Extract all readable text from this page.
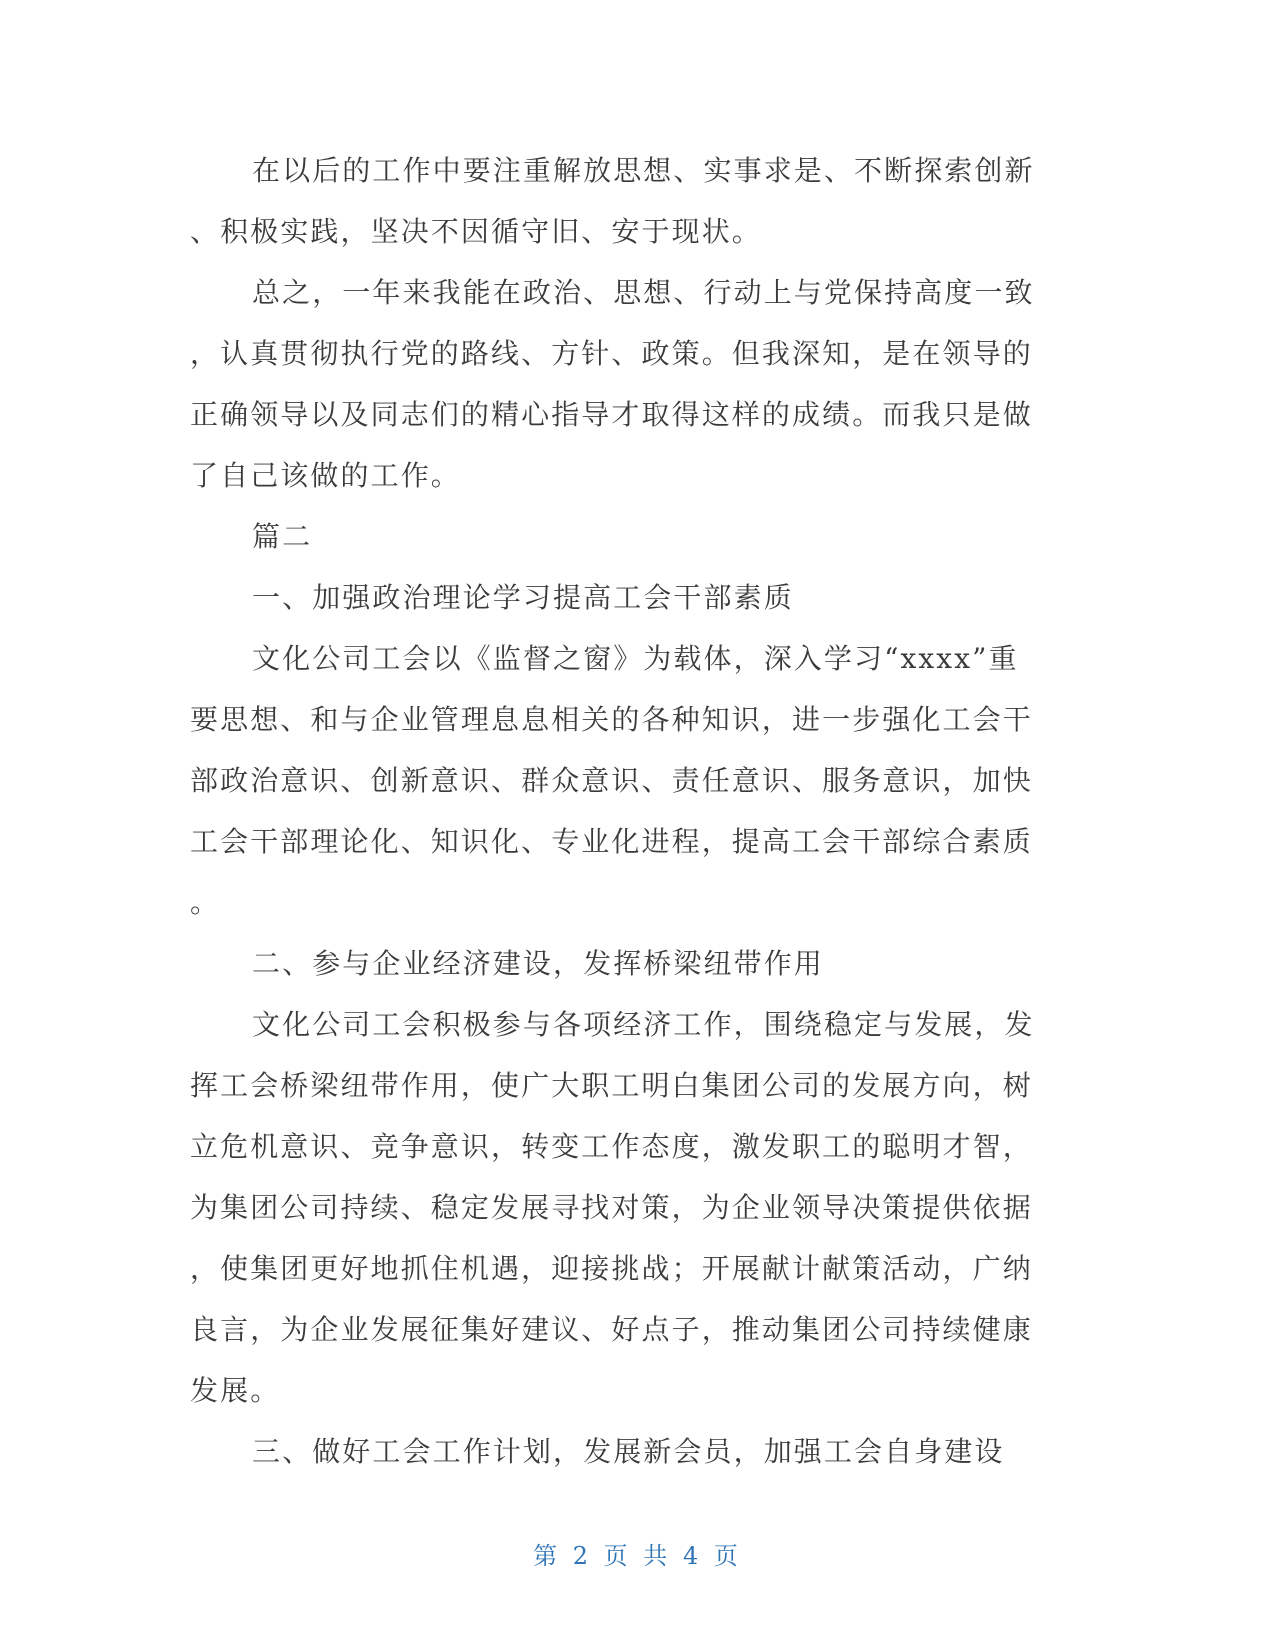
在以后的工作中要注重解放思想、实事求是、不断探索创新
、积极实践，坚决不因循守旧、安于现状。
总之，一年来我能在政治、思想、行动上与党保持高度一致
，认真贯彻执行党的路线、方针、政策。但我深知，是在领导的
正确领导以及同志们的精心指导才取得这样的成绩。而我只是做
了自己该做的工作。
篇二
一、加强政治理论学习提高工会干部素质
文化公司工会以《监督之窗》为载体，深入学习“xxxx”重
要思想、和与企业管理息息相关的各种知识，进一步强化工会干
部政治意识、创新意识、群众意识、责任意识、服务意识，加快
工会干部理论化、知识化、专业化进程，提高工会干部综合素质
。
二、参与企业经济建设，发挥桥梁纽带作用
文化公司工会积极参与各项经济工作，围绕稳定与发展，发
挥工会桥梁纽带作用，使广大职工明白集团公司的发展方向，树
立危机意识、竞争意识，转变工作态度，激发职工的聪明才智，
为集团公司持续、稳定发展寻找对策，为企业领导决策提供依据
，使集团更好地抓住机遇，迎接挑战；开展献计献策活动，广纳
良言，为企业发展征集好建议、好点子，推动集团公司持续健康
发展。
三、做好工会工作计划，发展新会员，加强工会自身建设
第 2 页 共 4 页
